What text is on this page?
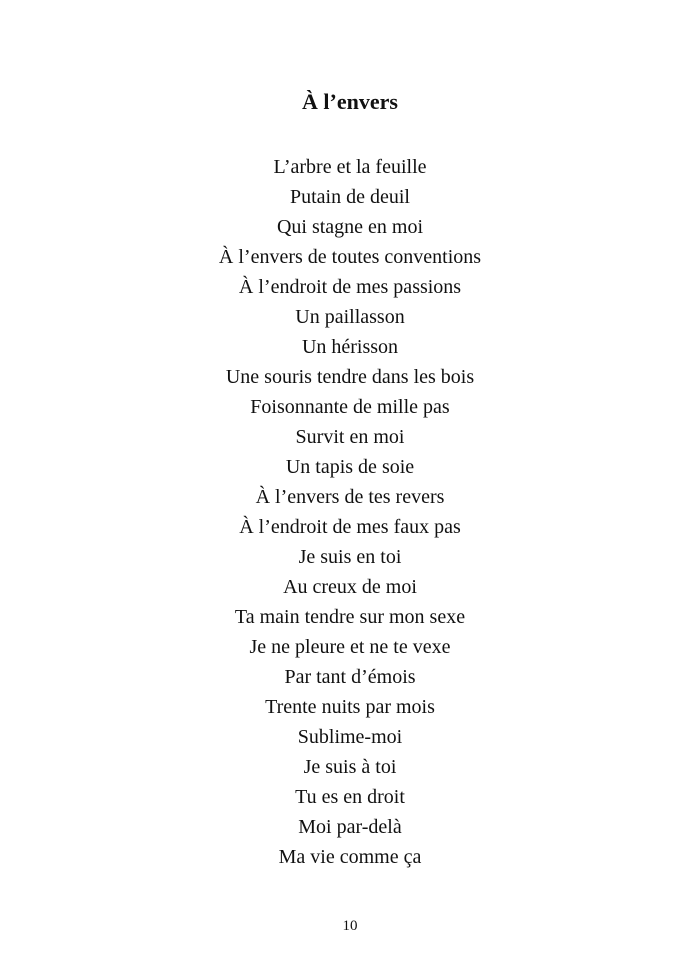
À l’envers
L’arbre et la feuille
Putain de deuil
Qui stagne en moi
À l’envers de toutes conventions
À l’endroit de mes passions
Un paillasson
Un hérisson
Une souris tendre dans les bois
Foisonnante de mille pas
Survit en moi
Un tapis de soie
À l’envers de tes revers
À l’endroit de mes faux pas
Je suis en toi
Au creux de moi
Ta main tendre sur mon sexe
Je ne pleure et ne te vexe
Par tant d’émois
Trente nuits par mois
Sublime-moi
Je suis à toi
Tu es en droit
Moi par-delà
Ma vie comme ça
10
